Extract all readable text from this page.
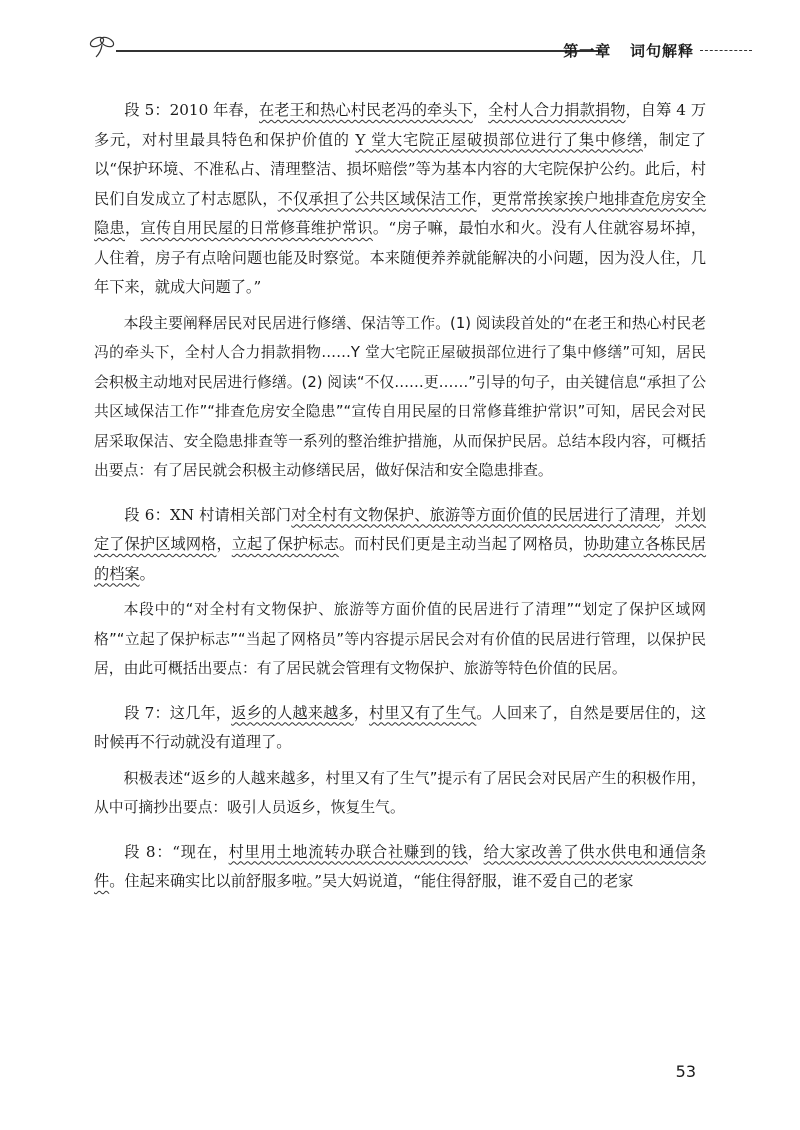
第一章 词句解释

段 5：2010 年春，在老王和热心村民老冯的牵头下，全村人合力捐款捐物，自筹 4 万多元，对村里最具特色和保护价值的 Y 堂大宅院正屋破损部位进行了集中修缮，制定了以“保护环境、不准私占、清理整洁、损坏赔偿”等为基本内容的大宅院保护公约。此后，村民们自发成立了村志愿队，不仅承担了公共区域保洁工作，更常常挨家挨户地排查危房安全隐患，宣传自用民屋的日常修葺维护常识。“房子嘛，最怕水和火。没有人住就容易坏掉，人住着，房子有点啥问题也能及时察觉。本来随便养养就能解决的小问题，因为没人住，几年下来，就成大问题了。”

本段主要阐释居民对民居进行修缮、保洁等工作。(1) 阅读段首处的“在老王和热心村民老冯的牵头下，全村人合力捐款捐物……Y 堂大宅院正屋破损部位进行了集中修缮”可知，居民会积极主动地对民居进行修缮。(2) 阅读“不仅……更……”引导的句子，由关键信息“承担了公共区域保洁工作”“排查危房安全隐患”“宣传自用民屋的日常修葺维护常识”可知，居民会对民居采取保洁、安全隐患排查等一系列的整治维护措施，从而保护民居。总结本段内容，可概括出要点：有了居民就会积极主动修缮民居，做好保洁和安全隐患排查。

段 6：XN 村请相关部门对全村有文物保护、旅游等方面价值的民居进行了清理，并划定了保护区域网格，立起了保护标志。而村民们更是主动当起了网格员，协助建立各栋民居的档案。

本段中的“对全村有文物保护、旅游等方面价值的民居进行了清理”“划定了保护区域网格”“立起了保护标志”“当起了网格员”等内容提示居民会对有价值的民居进行管理，以保护民居，由此可概括出要点：有了居民就会管理有文物保护、旅游等特色价值的民居。

段 7：这几年，返乡的人越来越多，村里又有了生气。人回来了，自然是要居住的，这时候再不行动就没有道理了。

积极表述“返乡的人越来越多，村里又有了生气”提示有了居民会对民居产生的积极作用，从中可摘抄出要点：吸引人员返乡，恢复生气。

段 8：“现在，村里用土地流转办联合社赚到的钱，给大家改善了供水供电和通信条件。住起来确实比以前舒服多啦。”吴大妈说道，“能住得舒服，谁不爱自己的老家

53
